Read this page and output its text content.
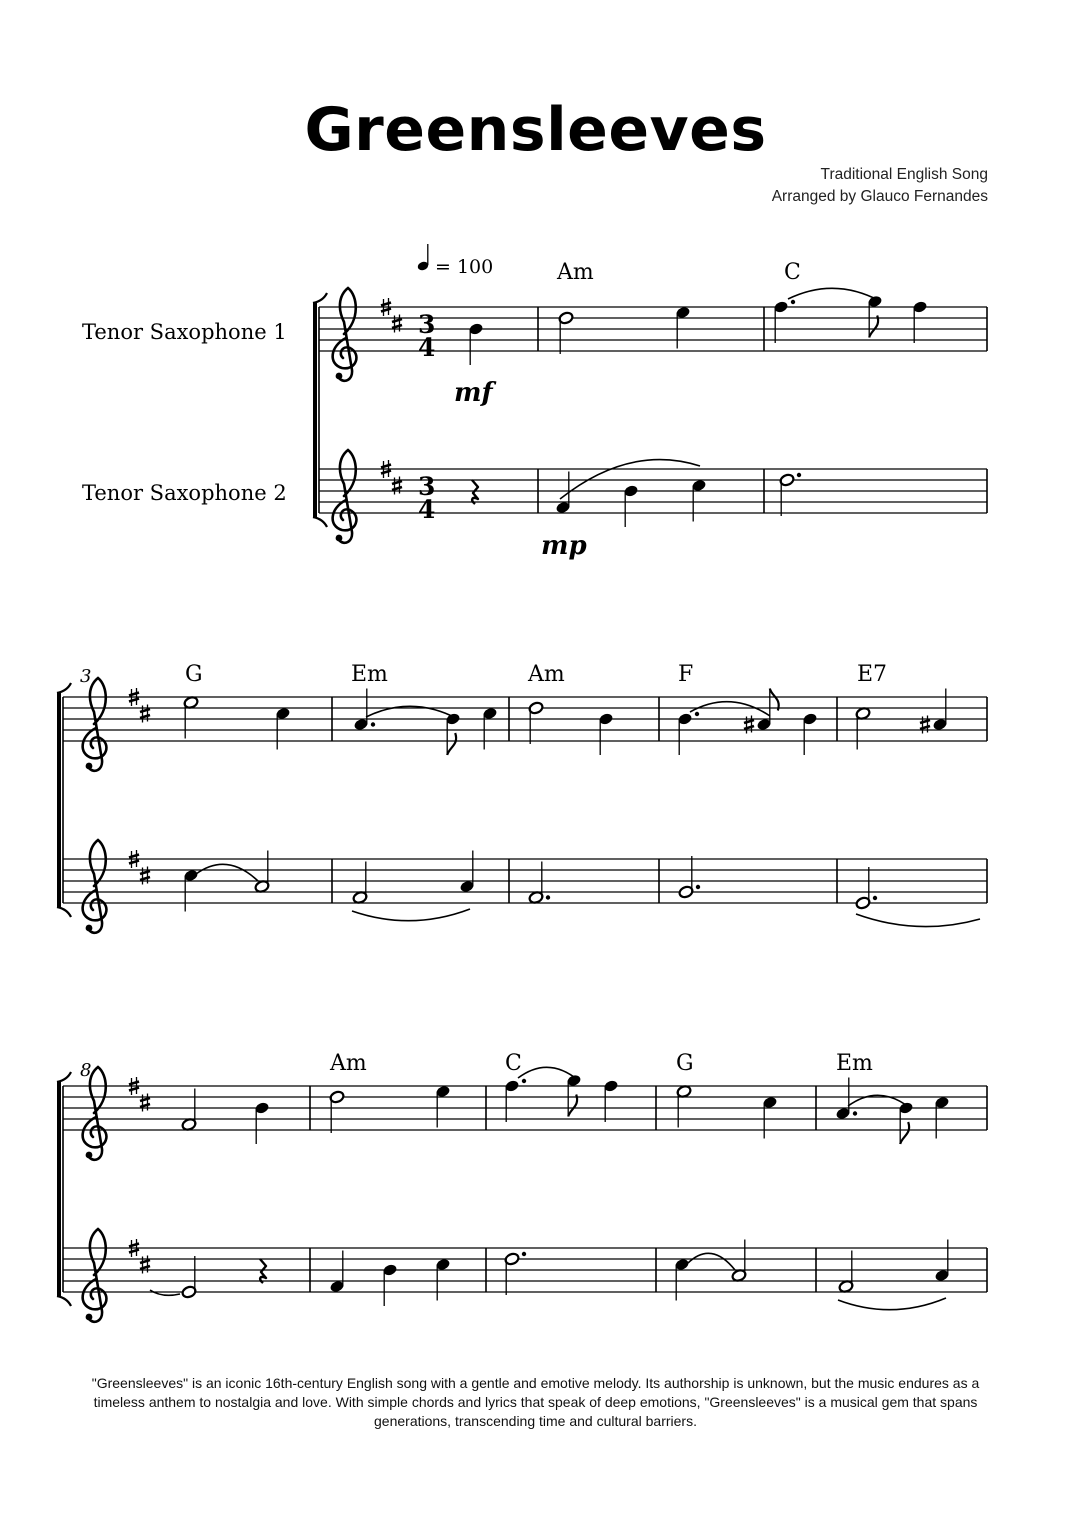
Greensleeves
Traditional English Song
Arranged by Glauco Fernandes
Tenor Saxophone 1
Tenor Saxophone 2
= 100
mf
mp
3
4
3
4
Am	C
3	G	Em	Am	F	E7
8	Am	C	G	Em
"Greensleeves" is an iconic 16th-century English song with a gentle and emotive melody. Its authorship is unknown, but the music endures as a timeless anthem to nostalgia and love. With simple chords and lyrics that speak of deep emotions, "Greensleeves" is a musical gem that spans generations, transcending time and cultural barriers.
